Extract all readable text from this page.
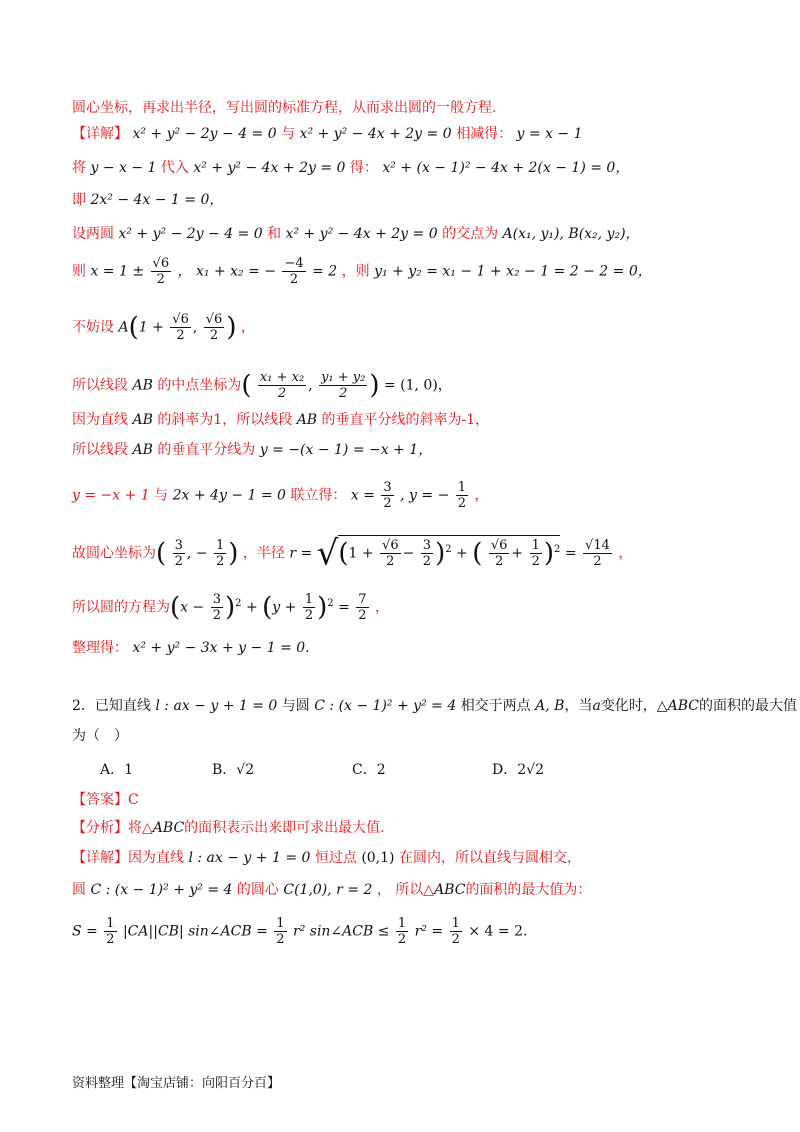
圆心坐标，再求出半径，写出圆的标准方程，从而求出圆的一般方程.
【详解】 x² + y² − 2y − 4 = 0 与 x² + y² − 4x + 2y = 0 相减得： y = x − 1
将 y − x − 1 代入 x² + y² − 4x + 2y = 0 得： x² + (x − 1)² − 4x + 2(x − 1) = 0，
即 2x² − 4x − 1 = 0，
设两圆 x² + y² − 2y − 4 = 0 和 x² + y² − 4x + 2y = 0 的交点为 A(x₁, y₁), B(x₂, y₂)，
则 $x = 1 \pm \frac{√6}{2}$ ， x₁ + x₂ = − $\frac{-4}{2} = 2$ ，则 y₁ + y₂ = x₁ − 1 + x₂ − 1 = 2 − 2 = 0，
不妨设 $A(1 + \frac{√6}{2}$ , $\frac{√6}{2}$ ) ，
所以线段 AB 的中点坐标为( $\frac{\text{x₁ + x₂}}{2}$ , $\frac{\text{y₁ + y₂}}{2}$ ) = (1, 0)，
因为直线 AB 的斜率为1，所以线段 AB 的垂直平分线的斜率为-1，
所以线段 AB 的垂直平分线为 y = −(x − 1) = −x + 1，
y = −x + 1 与 2x + 4y − 1 = 0 联立得： $x = \frac{3}{2}$ , y = − $\frac{1}{2}$ ，
故圆心坐标为( $\frac{3}{2}$ , − $\frac{1}{2}$ ) ，半径 $r = √(1 + \frac{√6}{2} - \frac{3}{2} )^2$ + ( $\frac{√6}{2} + \frac{1}{2} )^2 = \frac{√14}{2}$ ，
所以圆的方程为$(x - \frac{3}{2} )^2 + (y + \frac{1}{2} )^2 = \frac{7}{2}$ ，
整理得： x² + y² − 3x + y − 1 = 0.
2．已知直线 l : ax − y + 1 = 0 与圆 C : (x − 1)² + y² = 4 相交于两点 A, B，当a变化时，△ABC的面积的最大值
为（　）
A．1	B．√2	C．2	D．2√2
【答案】C
【分析】将△ABC的面积表示出来即可求出最大值.
【详解】因为直线 l : ax − y + 1 = 0 恒过点 (0,1) 在圆内，所以直线与圆相交，
圆 C : (x − 1)² + y² = 4 的圆心 C(1,0), r = 2 ， 所以△ABC的面积的最大值为：
$S = \frac{1}{2} |CA||CB|$ sin∠ACB = $\frac{1}{2} r^2$ sin∠ACB ≤ $\frac{1}{2} r^2 = \frac{1}{2} \times 4 = 2$.
资料整理【淘宝店铺：向阳百分百】
